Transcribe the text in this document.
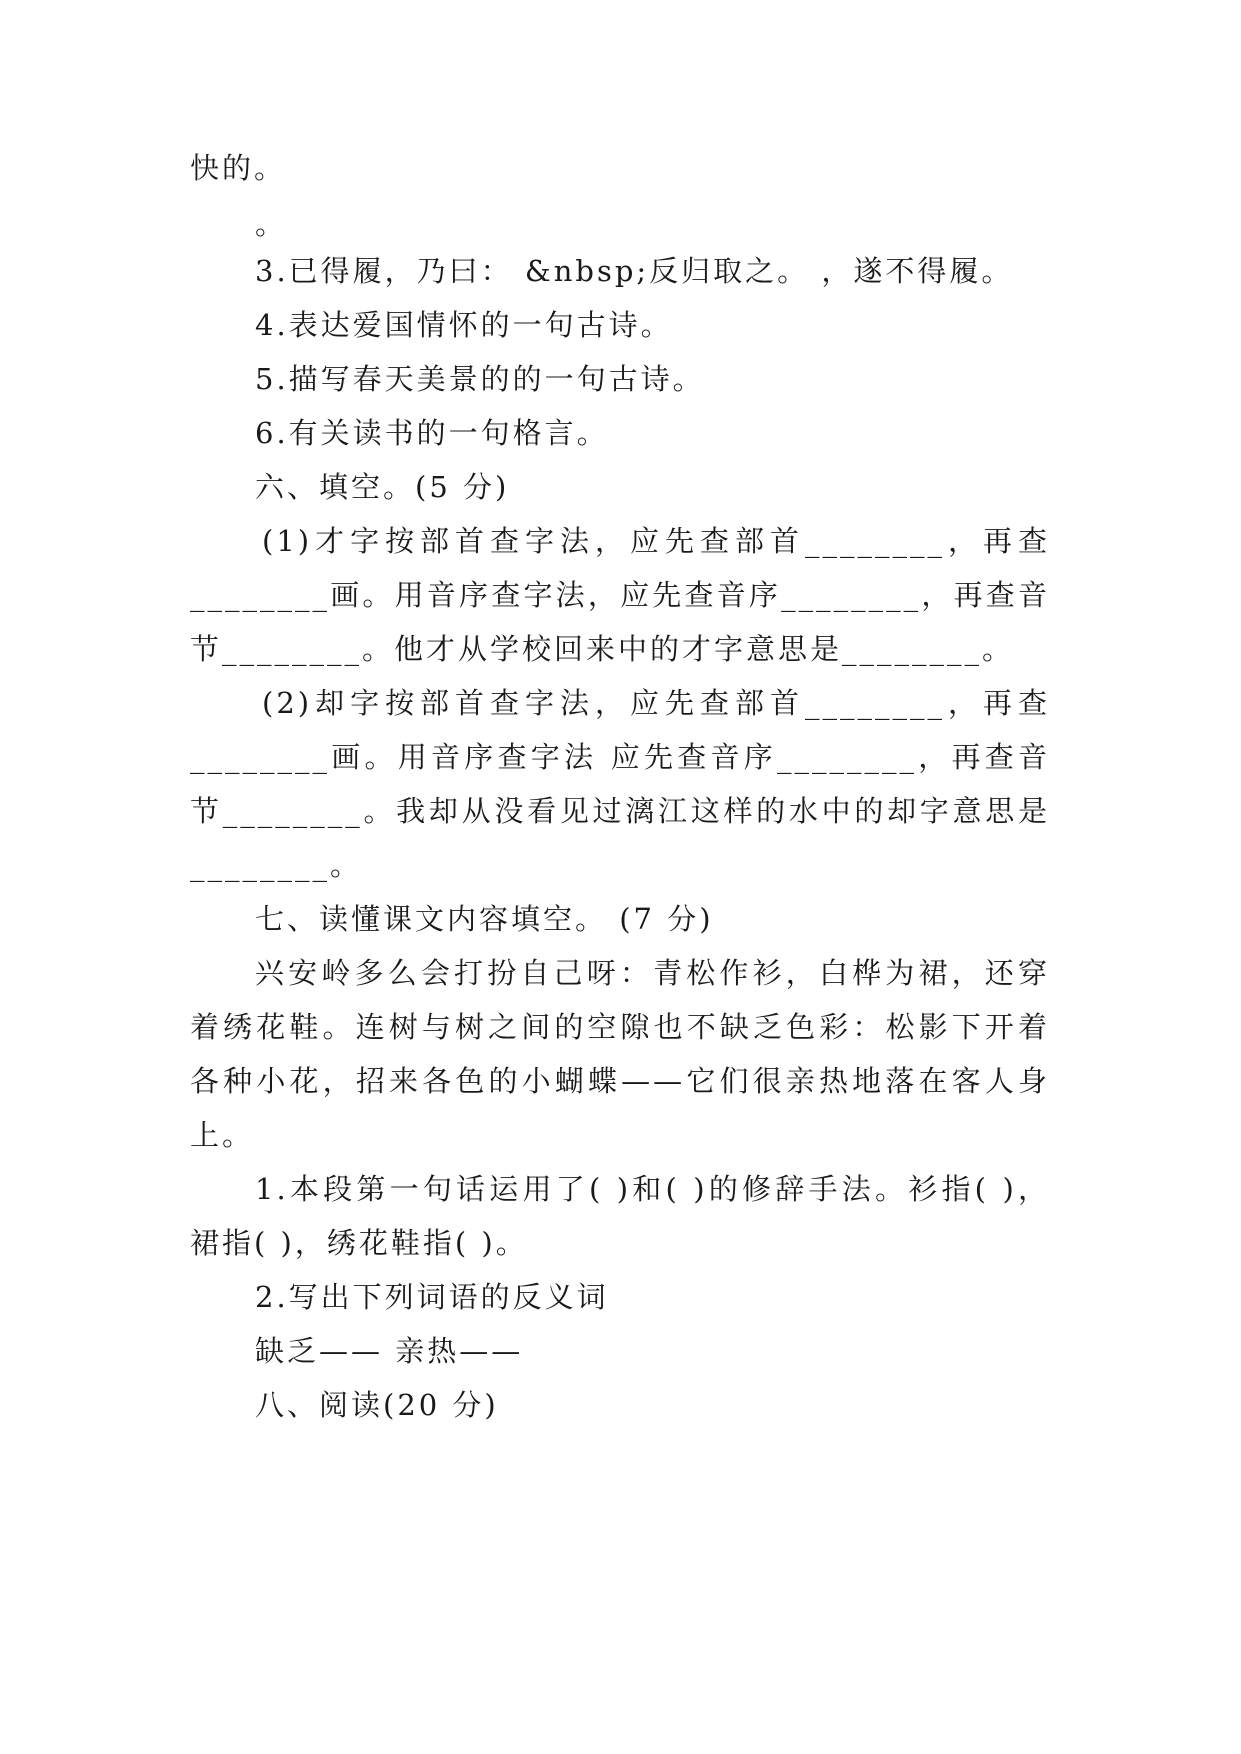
快的。
。
3.已得履，乃曰： &nbsp;反归取之。 ，遂不得履。
4.表达爱国情怀的一句古诗。
5.描写春天美景的的一句古诗。
6.有关读书的一句格言。
六、填空。(5 分)
(1)才字按部首查字法，应先查部首________，再查
________画。用音序查字法，应先查音序________，再查音
节________。他才从学校回来中的才字意思是________。
(2)却字按部首查字法，应先查部首________，再查
________画。用音序查字法 应先查音序________，再查音
节________。我却从没看见过漓江这样的水中的却字意思是
________。
七、读懂课文内容填空。 (7 分)
兴安岭多么会打扮自己呀：青松作衫，白桦为裙，还穿
着绣花鞋。连树与树之间的空隙也不缺乏色彩：松影下开着
各种小花，招来各色的小蝴蝶——它们很亲热地落在客人身
上。
1.本段第一句话运用了( )和( )的修辞手法。衫指( )，
裙指( )，绣花鞋指( )。
2.写出下列词语的反义词
缺乏—— 亲热——
八、阅读(20 分)
